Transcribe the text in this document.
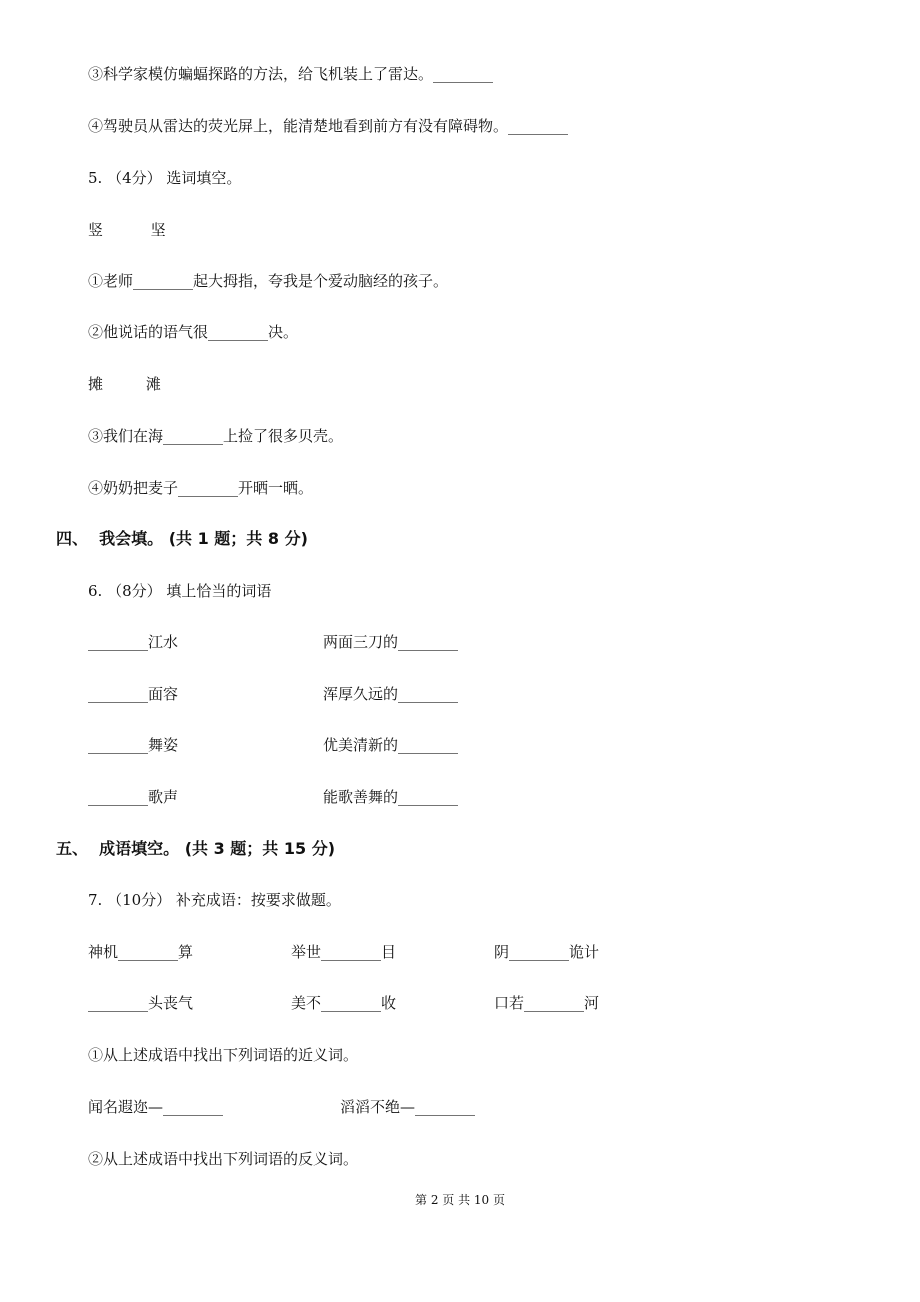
③科学家模仿蝙蝠探路的方法，给飞机装上了雷达。________
④驾驶员从雷达的荧光屏上，能清楚地看到前方有没有障碍物。________
5. （4分） 选词填空。
竖          坚
①老师________起大拇指，夸我是个爱动脑经的孩子。
②他说话的语气很________决。
摊         滩
③我们在海________上捡了很多贝壳。
④奶奶把麦子________开晒一晒。
四、  我会填。 (共 1 题；共 8 分)
6. （8分） 填上恰当的词语
________江水	两面三刀的________
________面容	浑厚久远的________
________舞姿	优美清新的________
________歌声	能歌善舞的________
五、  成语填空。 (共 3 题；共 15 分)
7. （10分） 补充成语：按要求做题。
神机________算	举世________目	阴________诡计
________头丧气	美不________收	口若________河
①从上述成语中找出下列词语的近义词。
闻名遐迩—________	滔滔不绝—________
②从上述成语中找出下列词语的反义词。
第 2 页 共 10 页
